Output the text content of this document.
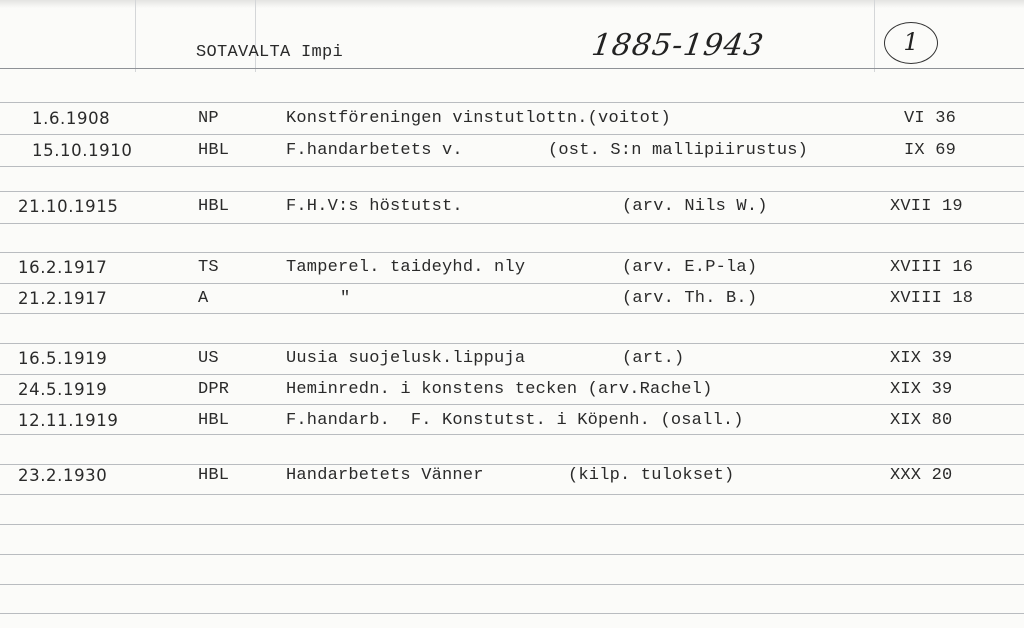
SOTAVALTA Impi	1885-1943	1
1.6.1908	NP	Konstföreningen vinstutlottn.(voitot)	VI 36
15.10.1910	HBL	F.handarbetets v.	(ost. S:n mallipiirustus)	IX 69
21.10.1915	HBL	F.H.V:s höstutst.	(arv. Nils W.)	XVII 19
16.2.1917	TS	Tamperel. taideyhd. nly	(arv. E.P-la)	XVIII 16
21.2.1917	A	"	(arv. Th. B.)	XVIII 18
16.5.1919	US	Uusia suojelusk.lippuja	(art.)	XIX 39
24.5.1919	DPR	Heminredn. i konstens tecken (arv.Rachel)	XIX 39
12.11.1919	HBL	F.handarb.  F. Konstutst. i Köpenh. (osall.)	XIX 80
23.2.1930	HBL	Handarbetets Vänner	(kilp. tulokset)	XXX 20
